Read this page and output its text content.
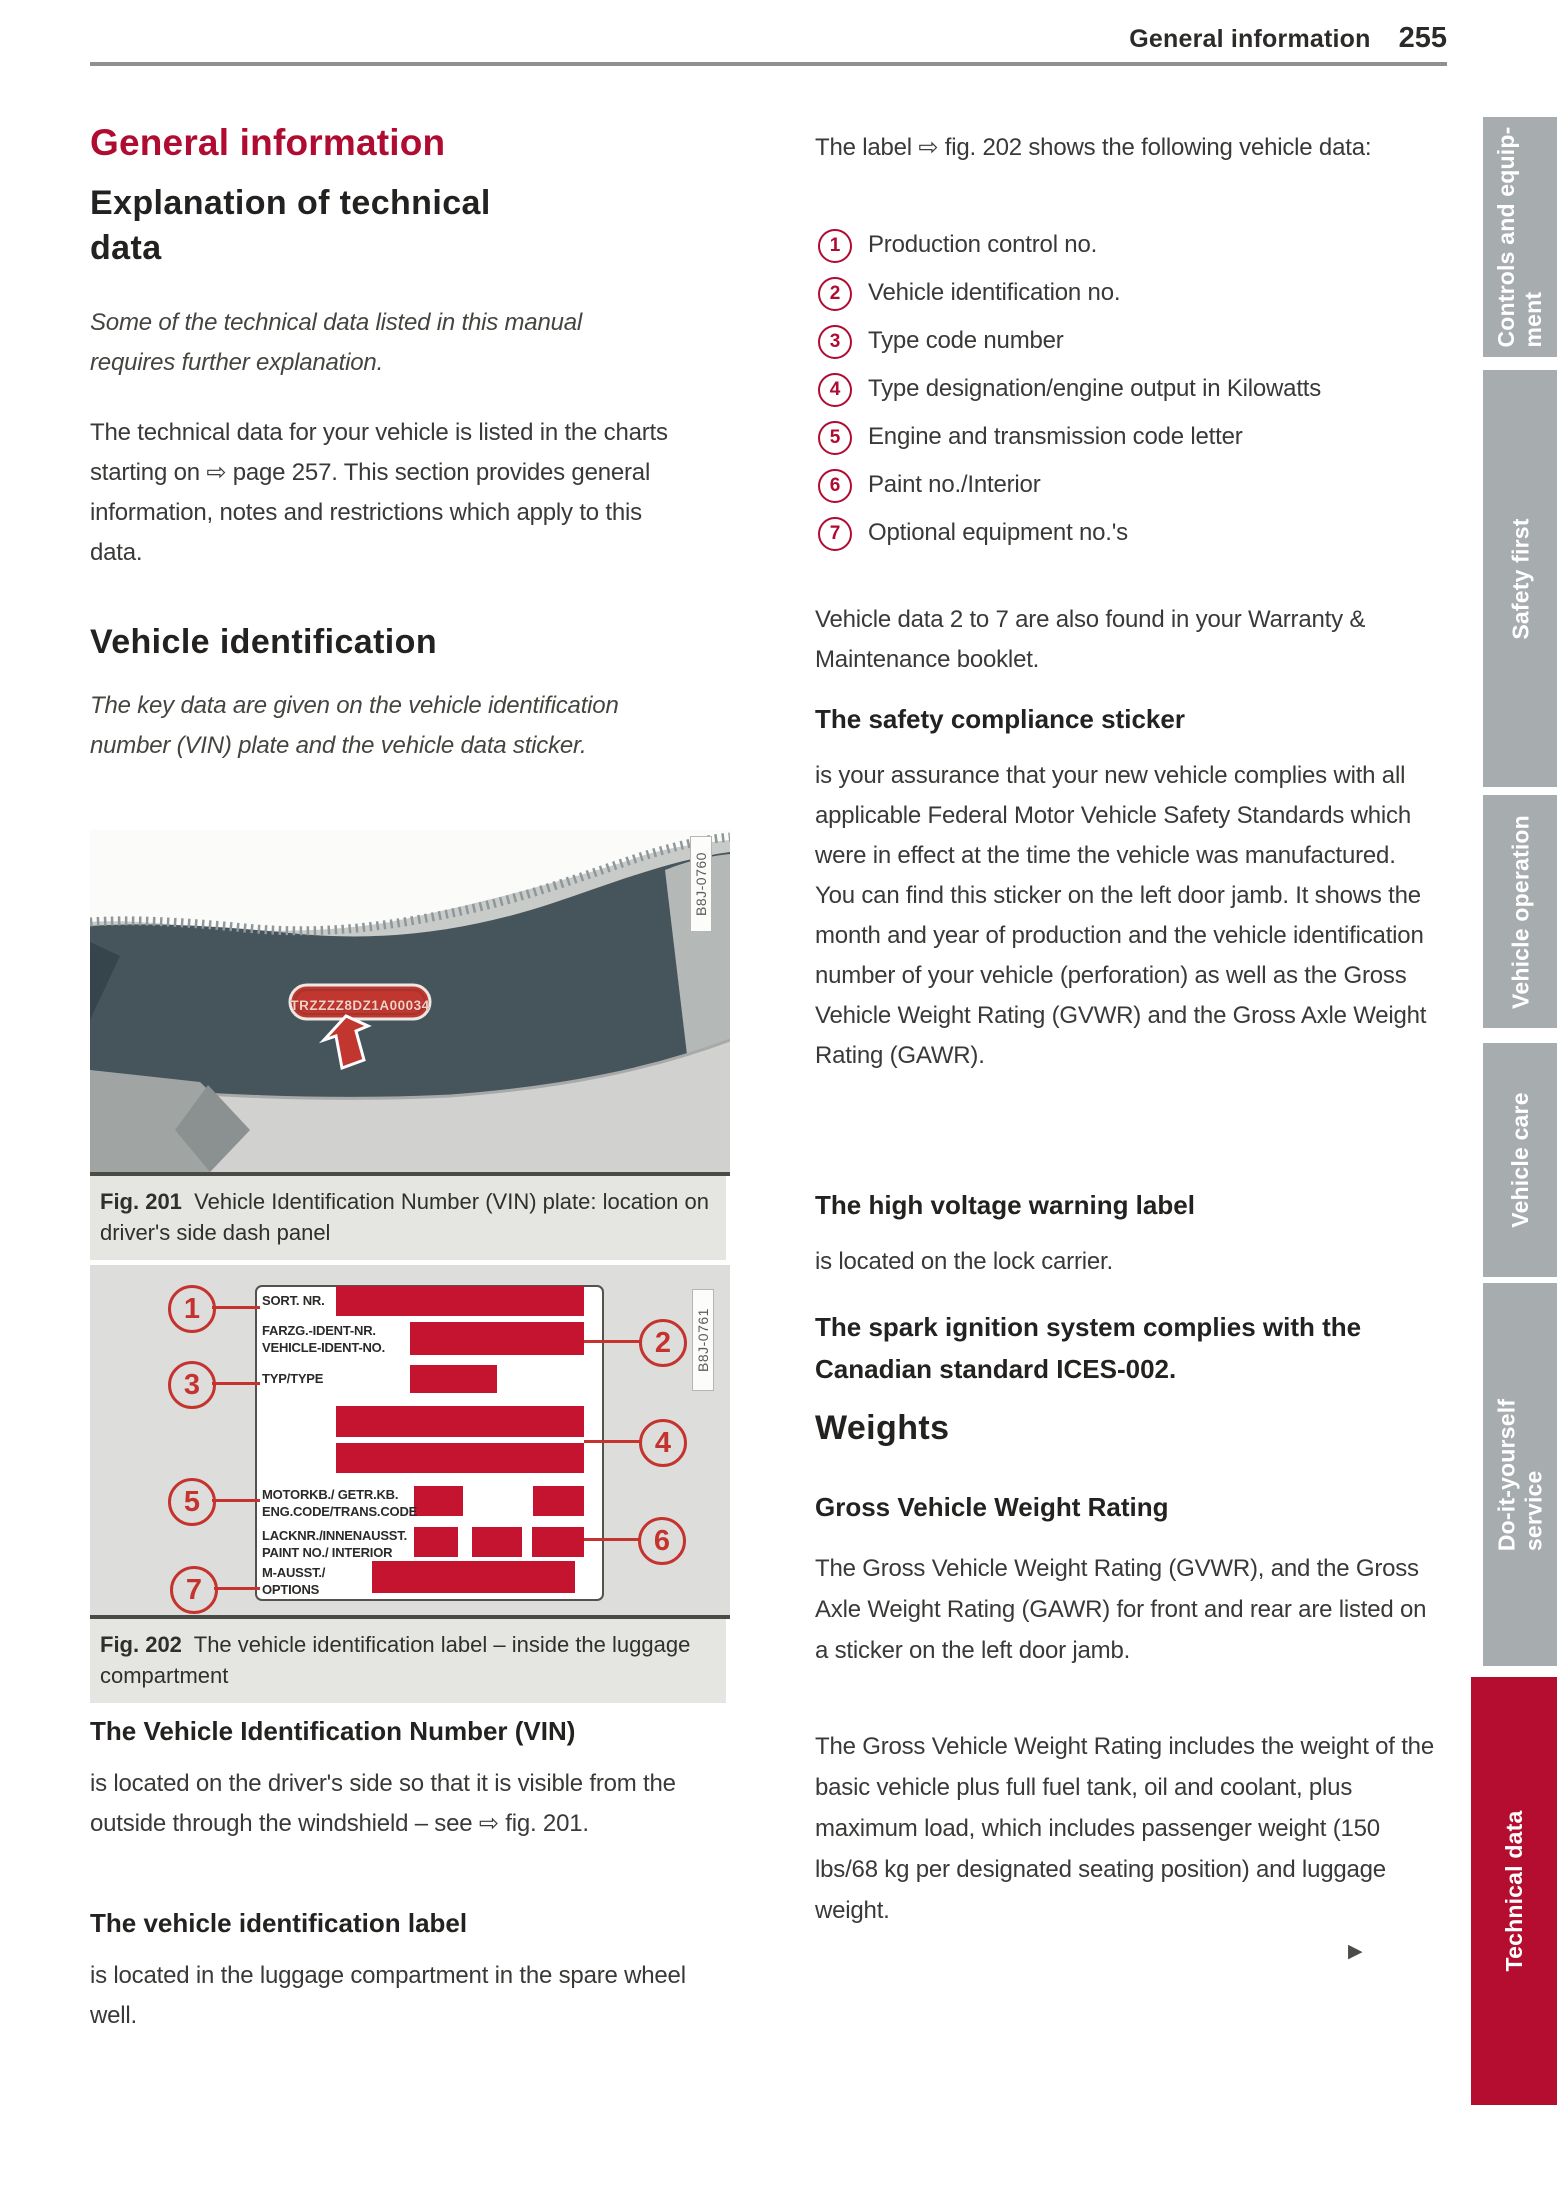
General information 255
General information
Explanation of technical data
Some of the technical data listed in this manual requires further explanation.
The technical data for your vehicle is listed in the charts starting on ⇨ page 257. This section provides general information, notes and restrictions which apply to this data.
Vehicle identification
The key data are given on the vehicle identification number (VIN) plate and the vehicle data sticker.
TRZZZZ8DZ1A00034
B8J-0760
Fig. 201 Vehicle Identification Number (VIN) plate: location on driver's side dash panel
SORT. NR.
FARZG.-IDENT-NR.
VEHICLE-IDENT-NO.
TYP/TYPE
MOTORKB./ GETR.KB.
ENG.CODE/TRANS.CODE
LACKNR./INNENAUSST.
PAINT NO./ INTERIOR
M-AUSST./
OPTIONS
1
3
5
7
2
4
6
B8J-0761
Fig. 202 The vehicle identification label – inside the luggage compartment
The Vehicle Identification Number (VIN)
is located on the driver's side so that it is visible from the outside through the windshield – see ⇨ fig. 201.
The vehicle identification label
is located in the luggage compartment in the spare wheel well.
The label ⇨ fig. 202 shows the following vehicle data:
1	Production control no.
2	Vehicle identification no.
3	Type code number
4	Type designation/engine output in Kilowatts
5	Engine and transmission code letter
6	Paint no./Interior
7	Optional equipment no.'s
Vehicle data 2 to 7 are also found in your Warranty & Maintenance booklet.
The safety compliance sticker
is your assurance that your new vehicle complies with all applicable Federal Motor Vehicle Safety Standards which were in effect at the time the vehicle was manufactured. You can find this sticker on the left door jamb. It shows the month and year of production and the vehicle identification number of your vehicle (perforation) as well as the Gross Vehicle Weight Rating (GVWR) and the Gross Axle Weight Rating (GAWR).
The high voltage warning label
is located on the lock carrier.
The spark ignition system complies with the Canadian standard ICES-002.
Weights
Gross Vehicle Weight Rating
The Gross Vehicle Weight Rating (GVWR), and the Gross Axle Weight Rating (GAWR) for front and rear are listed on a sticker on the left door jamb.
The Gross Vehicle Weight Rating includes the weight of the basic vehicle plus full fuel tank, oil and coolant, plus maximum load, which includes passenger weight (150 lbs/68 kg per designated seating position) and luggage weight.
▶
Controls and equip- ment
Safety first
Vehicle operation
Vehicle care
Do-it-yourself service
Technical data
